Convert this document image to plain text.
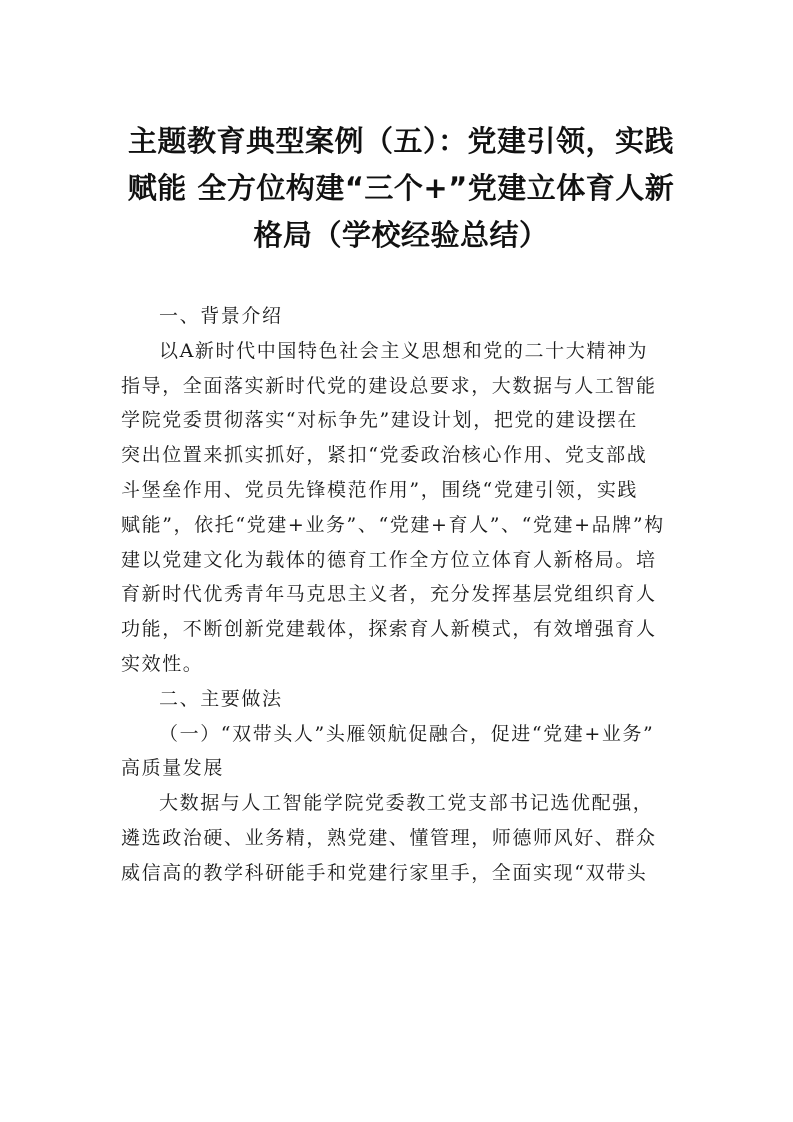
主题教育典型案例（五）：党建引领，实践
赋能 全方位构建“三个+”党建立体育人新
格局（学校经验总结）

一、背景介绍

以A新时代中国特色社会主义思想和党的二十大精神为
指导，全面落实新时代党的建设总要求，大数据与人工智能
学院党委贯彻落实“对标争先”建设计划，把党的建设摆在
突出位置来抓实抓好，紧扣“党委政治核心作用、党支部战
斗堡垒作用、党员先锋模范作用”，围绕“党建引领，实践
赋能”，依托“党建+业务”、“党建+育人”、“党建+品牌”构
建以党建文化为载体的德育工作全方位立体育人新格局。培
育新时代优秀青年马克思主义者，充分发挥基层党组织育人
功能，不断创新党建载体，探索育人新模式，有效增强育人
实效性。

二、主要做法

（一）“双带头人”头雁领航促融合，促进“党建+业务”
高质量发展
大数据与人工智能学院党委教工党支部书记选优配强，
遴选政治硬、业务精，熟党建、懂管理，师德师风好、群众
威信高的教学科研能手和党建行家里手，全面实现“双带头
